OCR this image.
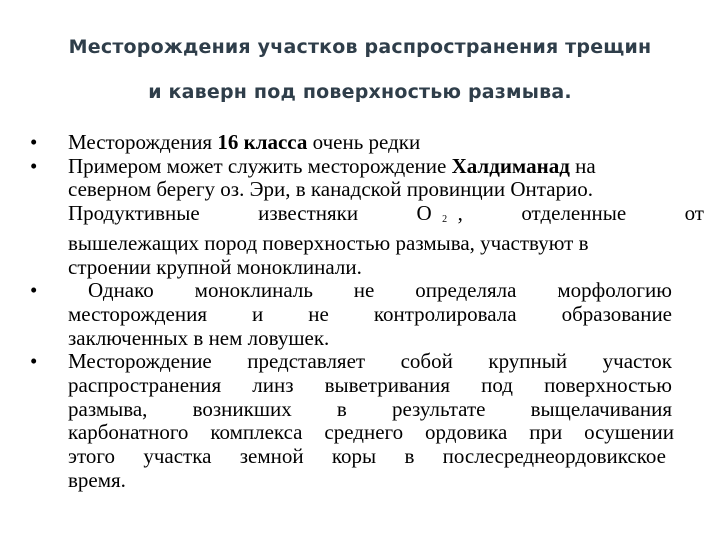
Месторождения участков распространения трещин
и каверн под поверхностью размыва.
•	Месторождения 16 класса очень редки
•	Примером может служить месторождение Халдиманад на
северном берегу оз. Эри, в канадской провинции Онтарио.
Продуктивные	известняки	О 2 ,	отделенные	от
вышележащих пород поверхностью размыва, участвуют в
строении крупной моноклинали.
•	Однако моноклиналь не определяла морфологию
месторождения и не контролировала образование
заключенных в нем ловушек.
•	Месторождение представляет собой крупный участок
распространения линз выветривания под поверхностью
размыва, возникших в результате выщелачивания
карбонатного комплекса среднего ордовика при осушении
этого участка земной коры в послесреднеордовикское
время.
